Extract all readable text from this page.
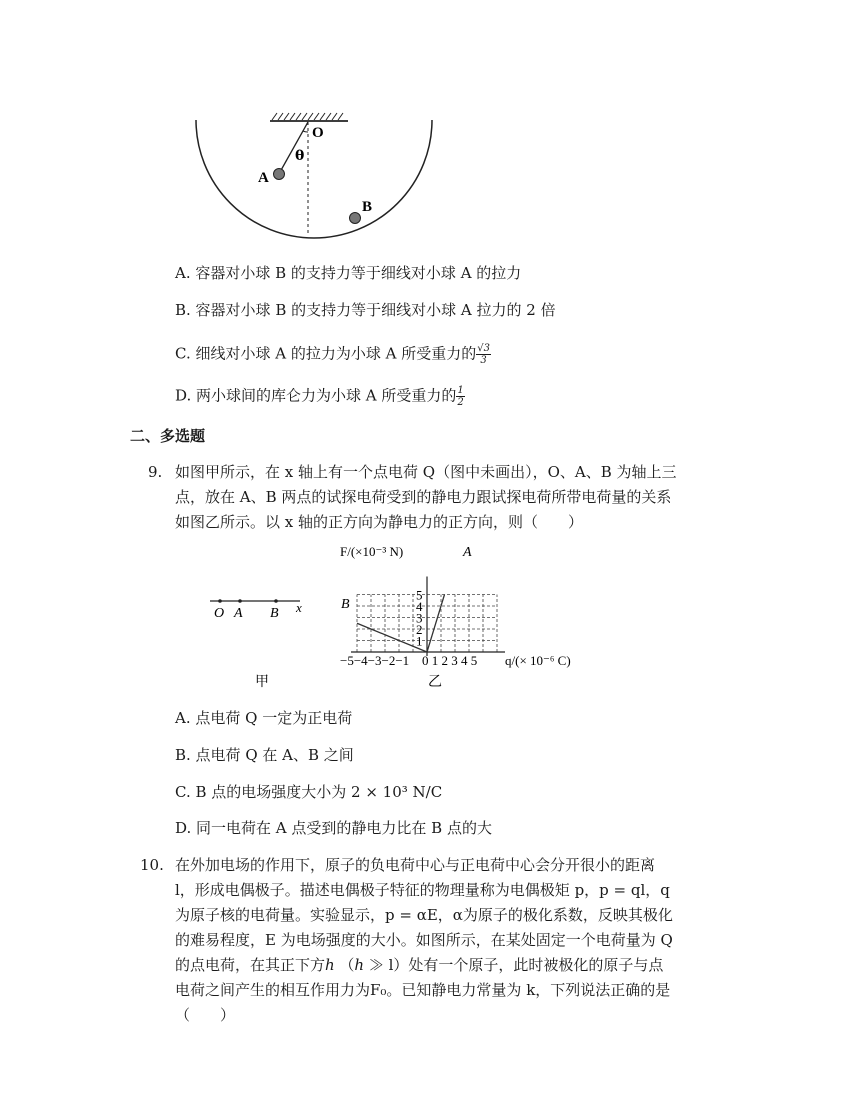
O
θ
A
B
A. 容器对小球 B 的支持力等于细线对小球 A 的拉力
B. 容器对小球 B 的支持力等于细线对小球 A 拉力的 2 倍
C. 细线对小球 A 的拉力为小球 A 所受重力的 $\frac{√3}{3}$
D. 两小球间的库仑力为小球 A 所受重力的 $\frac{1}{2}$
二、多选题
9. 如图甲所示，在 x 轴上有一个点电荷 Q（图中未画出），O、A、B 为轴上三
点，放在 A、B 两点的试探电荷受到的静电力跟试探电荷所带电荷量的关系
如图乙所示。以 x 轴的正方向为静电力的正方向，则（　　）
O A B x
甲
1
2
3
4
5
F/(×10⁻³ N)
q/(× 10⁻⁶ C)
−5−4−3−2−1 0 1 2 3 4 5
A
B
乙
A. 点电荷 Q 一定为正电荷
B. 点电荷 Q 在 A、B 之间
C. B 点的电场强度大小为 2 × 10³ N/C
D. 同一电荷在 A 点受到的静电力比在 B 点的大
10. 在外加电场的作用下，原子的负电荷中心与正电荷中心会分开很小的距离
l，形成电偶极子。描述电偶极子特征的物理量称为电偶极矩 p，p = ql，q
为原子核的电荷量。实验显示，p = αE，α为原子的极化系数，反映其极化
的难易程度，E 为电场强度的大小。如图所示，在某处固定一个电荷量为 Q
的点电荷，在其正下方ℎ （ℎ ≫ l）处有一个原子，此时被极化的原子与点
电荷之间产生的相互作用力为F₀。已知静电力常量为 k，下列说法正确的是
（　　）
